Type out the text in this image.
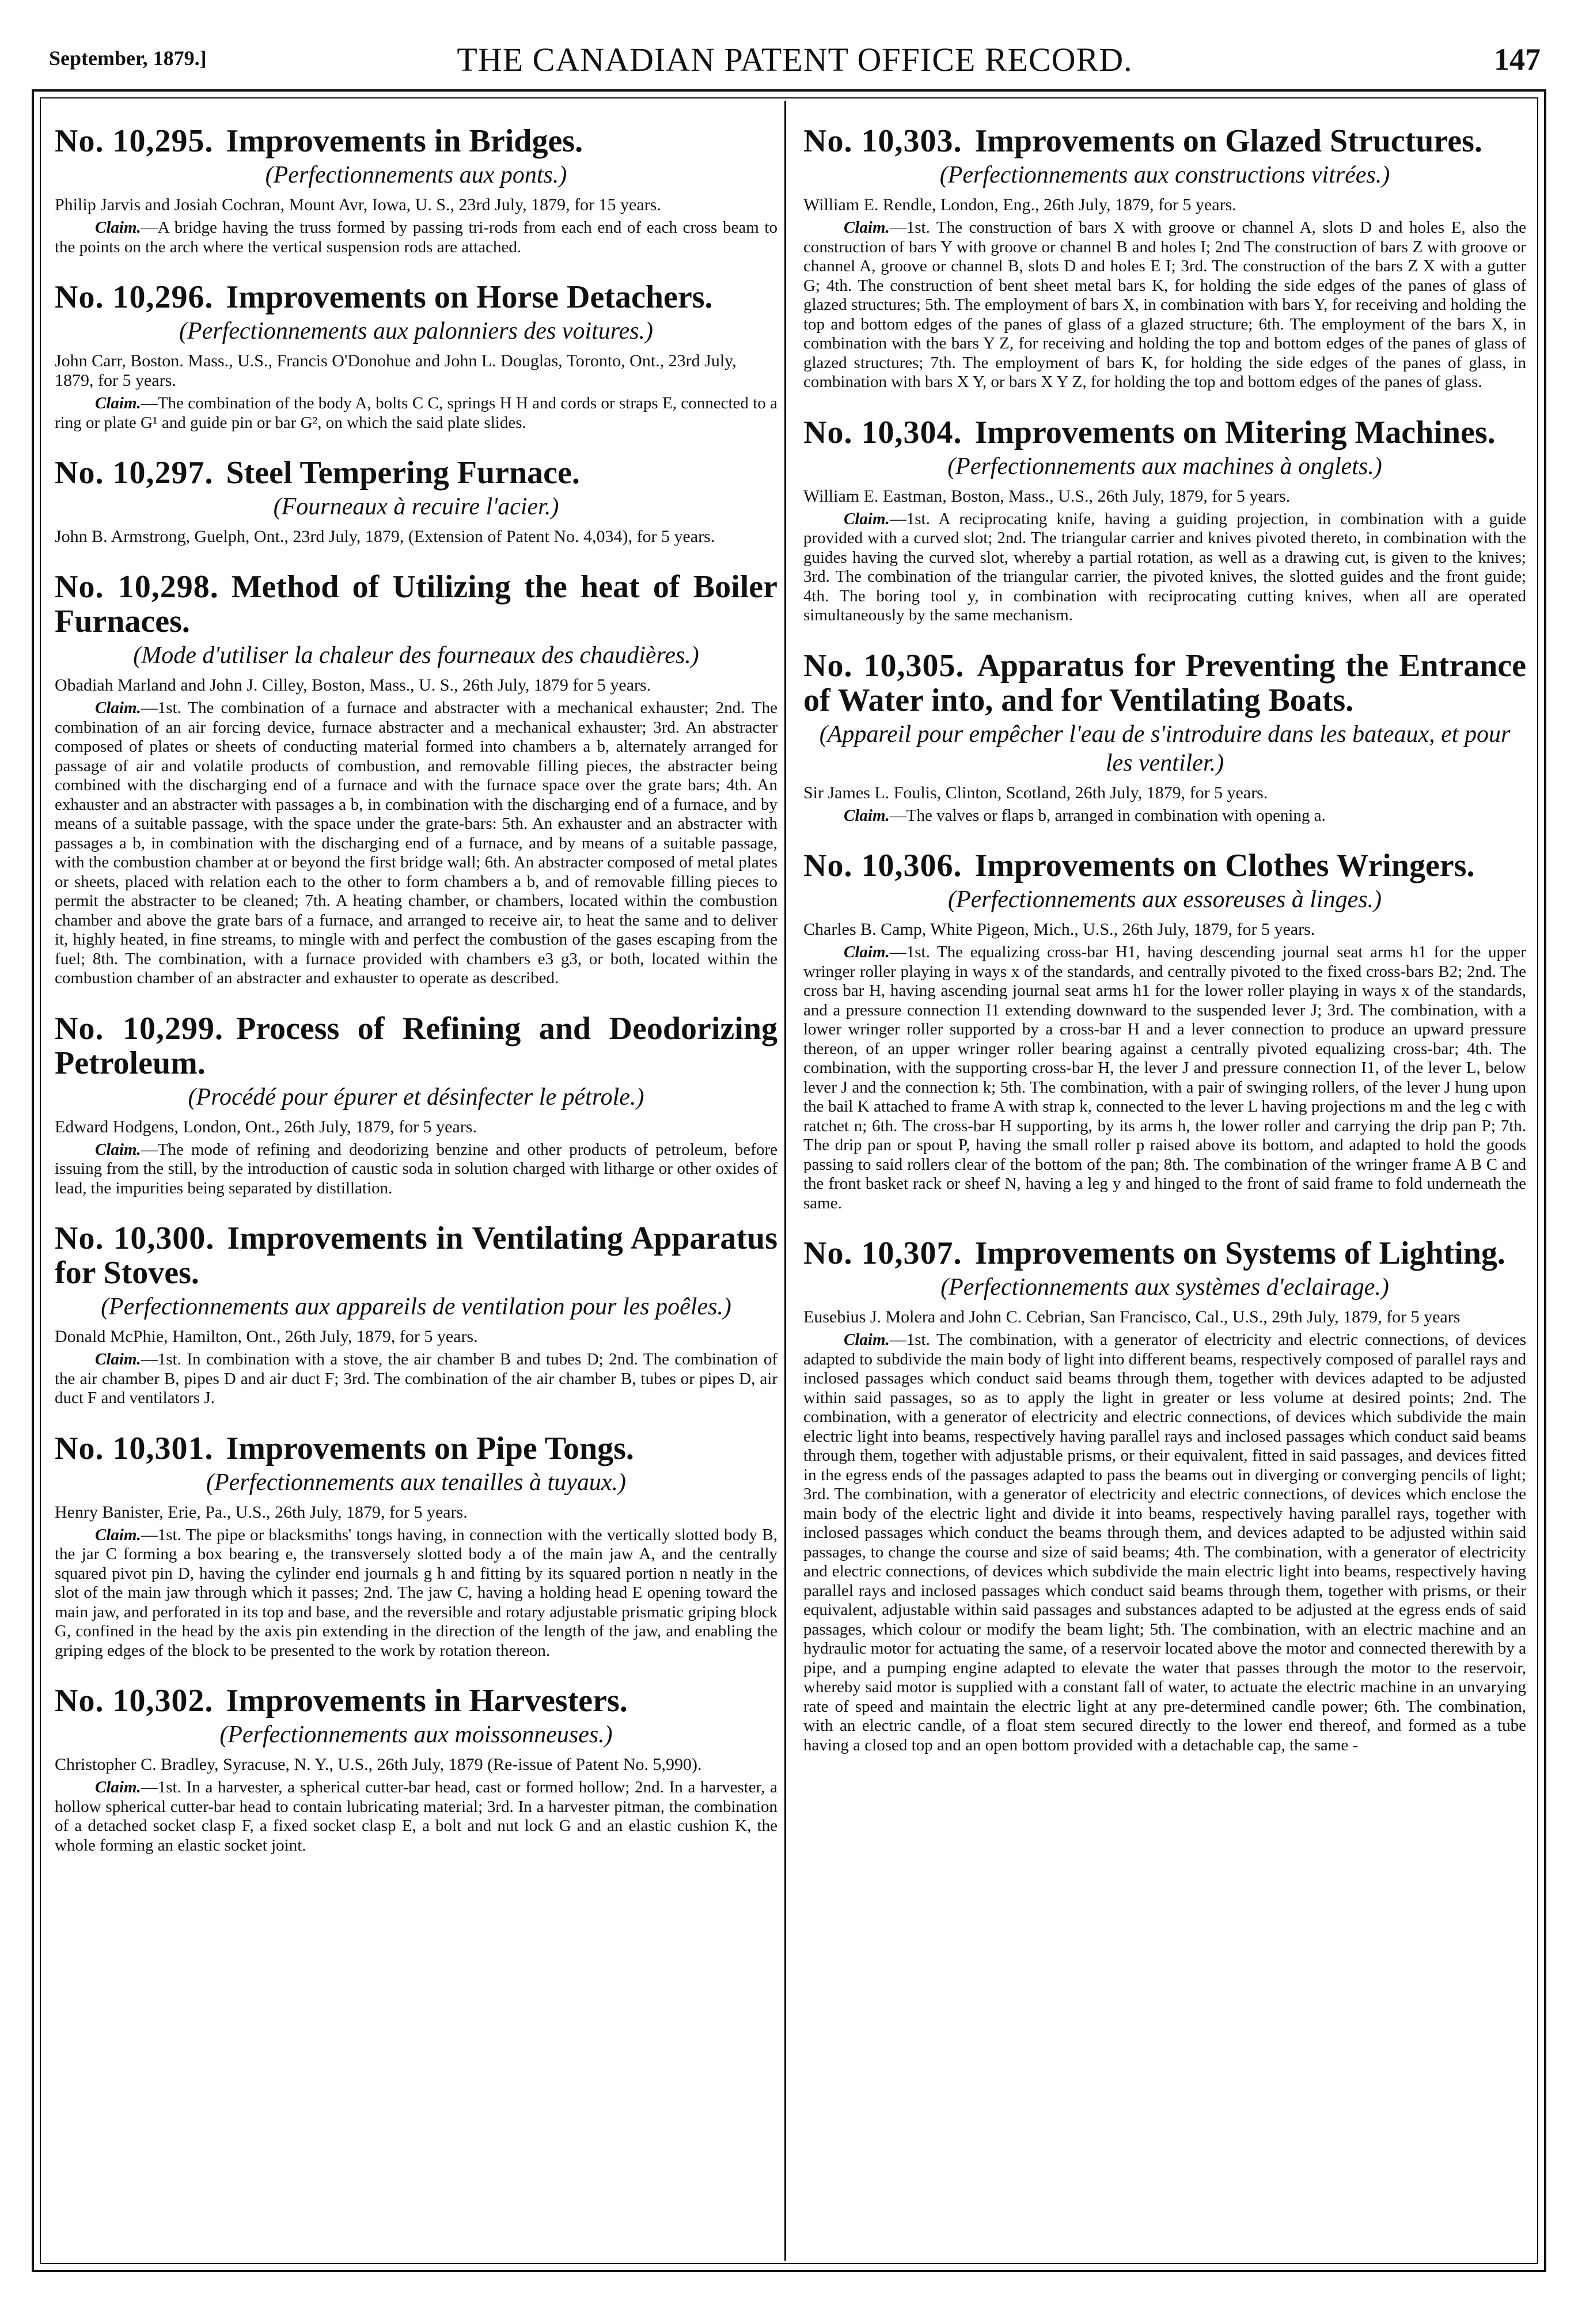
September, 1879.]	THE CANADIAN PATENT OFFICE RECORD.	147
No. 10,295. Improvements in Bridges.
(Perfectionnements aux ponts.)
Philip Jarvis and Josiah Cochran, Mount Avr, Iowa, U. S., 23rd July, 1879, for 15 years.

Claim.—A bridge having the truss formed by passing tri-rods from each end of each cross beam to the points on the arch where the vertical suspension rods are attached.

No. 10,296. Improvements on Horse Detachers.
(Perfectionnements aux palonniers des voitures.)
John Carr, Boston. Mass., U.S., Francis O'Donohue and John L. Douglas, Toronto, Ont., 23rd July, 1879, for 5 years.

Claim.—The combination of the body A, bolts C C, springs H H and cords or straps E, connected to a ring or plate G¹ and guide pin or bar G², on which the said plate slides.

No. 10,297. Steel Tempering Furnace.
(Fourneaux à recuire l'acier.)
John B. Armstrong, Guelph, Ont., 23rd July, 1879, (Extension of Patent No. 4,034), for 5 years.

No. 10,298. Method of Utilizing the heat of Boiler Furnaces.
(Mode d'utiliser la chaleur des fourneaux des chaudières.)
Obadiah Marland and John J. Cilley, Boston, Mass., U. S., 26th July, 1879 for 5 years.

Claim.—1st. The combination of a furnace and abstracter with a mechanical exhauster; 2nd. The combination of an air forcing device, furnace abstracter and a mechanical exhauster; 3rd. An abstracter composed of plates or sheets of conducting material formed into chambers a b, alternately arranged for passage of air and volatile products of combustion, and removable filling pieces, the abstracter being combined with the discharging end of a furnace and with the furnace space over the grate bars; 4th. An exhauster and an abstracter with passages a b, in combination with the discharging end of a furnace, and by means of a suitable passage, with the space under the grate-bars: 5th. An exhauster and an abstracter with passages a b, in combination with the discharging end of a furnace, and by means of a suitable passage, with the combustion chamber at or beyond the first bridge wall; 6th. An abstracter composed of metal plates or sheets, placed with relation each to the other to form chambers a b, and of removable filling pieces to permit the abstracter to be cleaned; 7th. A heating chamber, or chambers, located within the combustion chamber and above the grate bars of a furnace, and arranged to receive air, to heat the same and to deliver it, highly heated, in fine streams, to mingle with and perfect the combustion of the gases escaping from the fuel; 8th. The combination, with a furnace provided with chambers e3 g3, or both, located within the combustion chamber of an abstracter and exhauster to operate as described.

No. 10,299. Process of Refining and Deodorizing Petroleum.
(Procédé pour épurer et désinfecter le pétrole.)
Edward Hodgens, London, Ont., 26th July, 1879, for 5 years.

Claim.—The mode of refining and deodorizing benzine and other products of petroleum, before issuing from the still, by the introduction of caustic soda in solution charged with litharge or other oxides of lead, the impurities being separated by distillation.

No. 10,300. Improvements in Ventilating Apparatus for Stoves.
(Perfectionnements aux appareils de ventilation pour les poêles.)
Donald McPhie, Hamilton, Ont., 26th July, 1879, for 5 years.

Claim.—1st. In combination with a stove, the air chamber B and tubes D; 2nd. The combination of the air chamber B, pipes D and air duct F; 3rd. The combination of the air chamber B, tubes or pipes D, air duct F and ventilators J.

No. 10,301. Improvements on Pipe Tongs.
(Perfectionnements aux tenailles à tuyaux.)
Henry Banister, Erie, Pa., U.S., 26th July, 1879, for 5 years.

Claim.—1st. The pipe or blacksmiths' tongs having, in connection with the vertically slotted body B, the jar C forming a box bearing e, the transversely slotted body a of the main jaw A, and the centrally squared pivot pin D, having the cylinder end journals g h and fitting by its squared portion n neatly in the slot of the main jaw through which it passes; 2nd. The jaw C, having a holding head E opening toward the main jaw, and perforated in its top and base, and the reversible and rotary adjustable prismatic griping block G, confined in the head by the axis pin extending in the direction of the length of the jaw, and enabling the griping edges of the block to be presented to the work by rotation thereon.

No. 10,302. Improvements in Harvesters.
(Perfectionnements aux moissonneuses.)
Christopher C. Bradley, Syracuse, N. Y., U.S., 26th July, 1879 (Re-issue of Patent No. 5,990).

Claim.—1st. In a harvester, a spherical cutter-bar head, cast or formed hollow; 2nd. In a harvester, a hollow spherical cutter-bar head to contain lubricating material; 3rd. In a harvester pitman, the combination of a detached socket clasp F, a fixed socket clasp E, a bolt and nut lock G and an elastic cushion K, the whole forming an elastic socket joint.

No. 10,303. Improvements on Glazed Structures.
(Perfectionnements aux constructions vitrées.)
William E. Rendle, London, Eng., 26th July, 1879, for 5 years.

Claim.—1st. The construction of bars X with groove or channel A, slots D and holes E, also the construction of bars Y with groove or channel B and holes I; 2nd The construction of bars Z with groove or channel A, groove or channel B, slots D and holes E I; 3rd. The construction of the bars Z X with a gutter G; 4th. The construction of bent sheet metal bars K, for holding the side edges of the panes of glass of glazed structures; 5th. The employment of bars X, in combination with bars Y, for receiving and holding the top and bottom edges of the panes of glass of a glazed structure; 6th. The employment of the bars X, in combination with the bars Y Z, for receiving and holding the top and bottom edges of the panes of glass of glazed structures; 7th. The employment of bars K, for holding the side edges of the panes of glass, in combination with bars X Y, or bars X Y Z, for holding the top and bottom edges of the panes of glass.

No. 10,304. Improvements on Mitering Machines.
(Perfectionnements aux machines à onglets.)
William E. Eastman, Boston, Mass., U.S., 26th July, 1879, for 5 years.

Claim.—1st. A reciprocating knife, having a guiding projection, in combination with a guide provided with a curved slot; 2nd. The triangular carrier and knives pivoted thereto, in combination with the guides having the curved slot, whereby a partial rotation, as well as a drawing cut, is given to the knives; 3rd. The combination of the triangular carrier, the pivoted knives, the slotted guides and the front guide; 4th. The boring tool y, in combination with reciprocating cutting knives, when all are operated simultaneously by the same mechanism.

No. 10,305. Apparatus for Preventing the Entrance of Water into, and for Ventilating Boats.
(Appareil pour empêcher l'eau de s'introduire dans les bateaux, et pour les ventiler.)
Sir James L. Foulis, Clinton, Scotland, 26th July, 1879, for 5 years.

Claim.—The valves or flaps b, arranged in combination with opening a.

No. 10,306. Improvements on Clothes Wringers.
(Perfectionnements aux essoreuses à linges.)
Charles B. Camp, White Pigeon, Mich., U.S., 26th July, 1879, for 5 years.

Claim.—1st. The equalizing cross-bar H1, having descending journal seat arms h1 for the upper wringer roller playing in ways x of the standards, and centrally pivoted to the fixed cross-bars B2; 2nd. The cross bar H, having ascending journal seat arms h1 for the lower roller playing in ways x of the standards, and a pressure connection I1 extending downward to the suspended lever J; 3rd. The combination, with a lower wringer roller supported by a cross-bar H and a lever connection to produce an upward pressure thereon, of an upper wringer roller bearing against a centrally pivoted equalizing cross-bar; 4th. The combination, with the supporting cross-bar H, the lever J and pressure connection I1, of the lever L, below lever J and the connection k; 5th. The combination, with a pair of swinging rollers, of the lever J hung upon the bail K attached to frame A with strap k, connected to the lever L having projections m and the leg c with ratchet n; 6th. The cross-bar H supporting, by its arms h, the lower roller and carrying the drip pan P; 7th. The drip pan or spout P, having the small roller p raised above its bottom, and adapted to hold the goods passing to said rollers clear of the bottom of the pan; 8th. The combination of the wringer frame A B C and the front basket rack or sheef N, having a leg y and hinged to the front of said frame to fold underneath the same.

No. 10,307. Improvements on Systems of Lighting.
(Perfectionnements aux systèmes d'eclairage.)
Eusebius J. Molera and John C. Cebrian, San Francisco, Cal., U.S., 29th July, 1879, for 5 years

Claim.—1st. The combination, with a generator of electricity and electric connections, of devices adapted to subdivide the main body of light into different beams, respectively composed of parallel rays and inclosed passages which conduct said beams through them, together with devices adapted to be adjusted within said passages, so as to apply the light in greater or less volume at desired points; 2nd. The combination, with a generator of electricity and electric connections, of devices which subdivide the main electric light into beams, respectively having parallel rays and inclosed passages which conduct said beams through them, together with adjustable prisms, or their equivalent, fitted in said passages, and devices fitted in the egress ends of the passages adapted to pass the beams out in diverging or converging pencils of light; 3rd. The combination, with a generator of electricity and electric connections, of devices which enclose the main body of the electric light and divide it into beams, respectively having parallel rays, together with inclosed passages which conduct the beams through them, and devices adapted to be adjusted within said passages, to change the course and size of said beams; 4th. The combination, with a generator of electricity and electric connections, of devices which subdivide the main electric light into beams, respectively having parallel rays and inclosed passages which conduct said beams through them, together with prisms, or their equivalent, adjustable within said passages and substances adapted to be adjusted at the egress ends of said passages, which colour or modify the beam light; 5th. The combination, with an electric machine and an hydraulic motor for actuating the same, of a reservoir located above the motor and connected therewith by a pipe, and a pumping engine adapted to elevate the water that passes through the motor to the reservoir, whereby said motor is supplied with a constant fall of water, to actuate the electric machine in an unvarying rate of speed and maintain the electric light at any pre-determined candle power; 6th. The combination, with an electric candle, of a float stem secured directly to the lower end thereof, and formed as a tube having a closed top and an open bottom provided with a detachable cap, the same -
